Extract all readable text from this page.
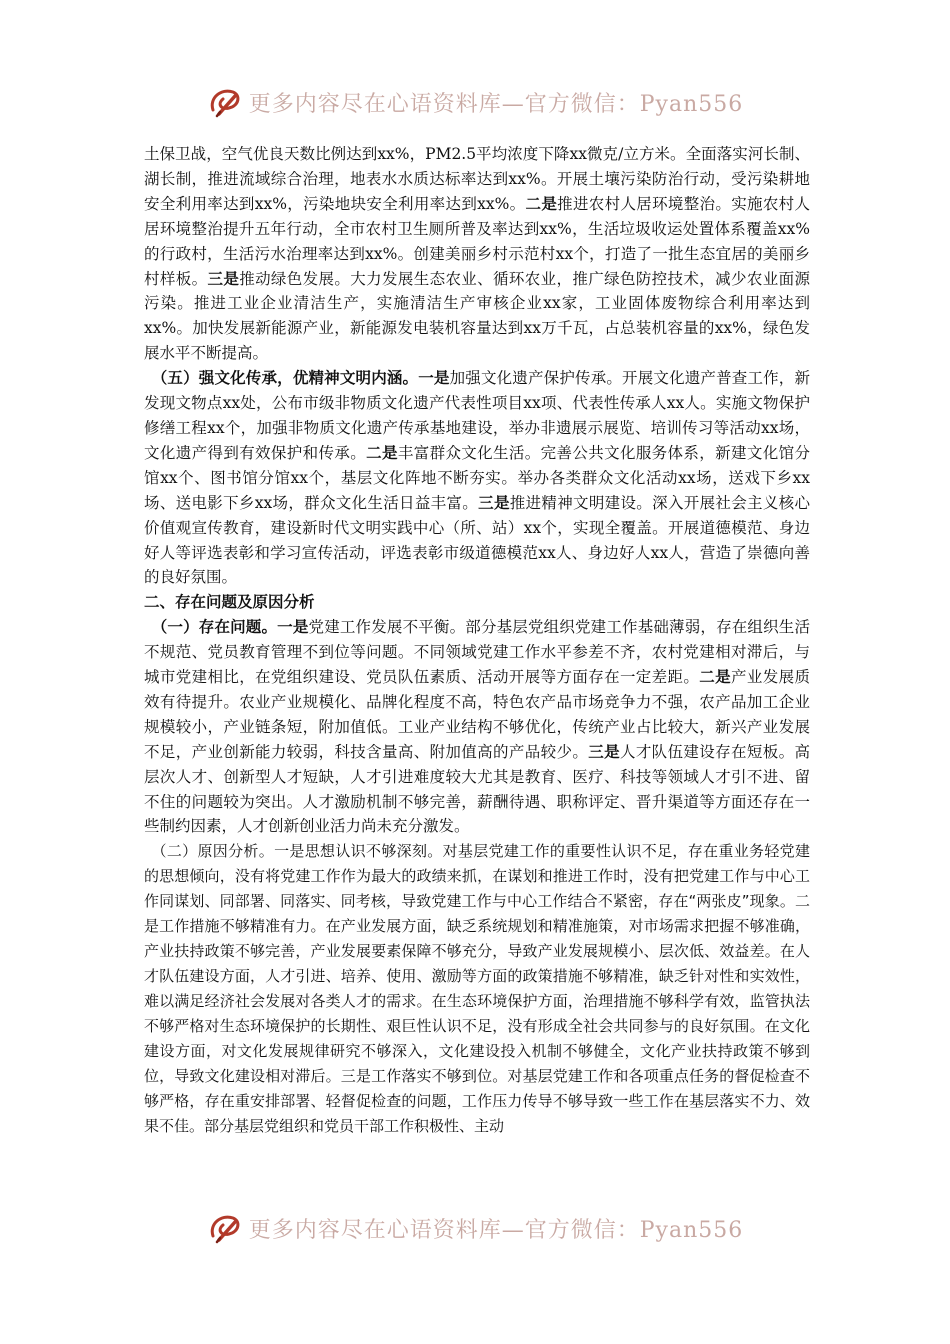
更多内容尽在心语资料库—官方微信：Pyan556

土保卫战，空气优良天数比例达到xx%，PM2.5平均浓度下降xx微克/立方米。全面落实河长制、湖长制，推进流域综合治理，地表水水质达标率达到xx%。开展土壤污染防治行动，受污染耕地安全利用率达到xx%，污染地块安全利用率达到xx%。二是推进农村人居环境整治。实施农村人居环境整治提升五年行动，全市农村卫生厕所普及率达到xx%，生活垃圾收运处置体系覆盖xx%的行政村，生活污水治理率达到xx%。创建美丽乡村示范村xx个，打造了一批生态宜居的美丽乡村样板。三是推动绿色发展。大力发展生态农业、循环农业，推广绿色防控技术，减少农业面源污染。推进工业企业清洁生产，实施清洁生产审核企业xx家，工业固体废物综合利用率达到xx%。加快发展新能源产业，新能源发电装机容量达到xx万千瓦，占总装机容量的xx%，绿色发展水平不断提高。

（五）强文化传承，优精神文明内涵。一是加强文化遗产保护传承。开展文化遗产普查工作，新发现文物点xx处，公布市级非物质文化遗产代表性项目xx项、代表性传承人xx人。实施文物保护修缮工程xx个，加强非物质文化遗产传承基地建设，举办非遗展示展览、培训传习等活动xx场，文化遗产得到有效保护和传承。二是丰富群众文化生活。完善公共文化服务体系，新建文化馆分馆xx个、图书馆分馆xx个，基层文化阵地不断夯实。举办各类群众文化活动xx场，送戏下乡xx场、送电影下乡xx场，群众文化生活日益丰富。三是推进精神文明建设。深入开展社会主义核心价值观宣传教育，建设新时代文明实践中心（所、站）xx个，实现全覆盖。开展道德模范、身边好人等评选表彰和学习宣传活动，评选表彰市级道德模范xx人、身边好人xx人，营造了崇德向善的良好氛围。

二、存在问题及原因分析

（一）存在问题。一是党建工作发展不平衡。部分基层党组织党建工作基础薄弱，存在组织生活不规范、党员教育管理不到位等问题。不同领域党建工作水平参差不齐，农村党建相对滞后，与城市党建相比，在党组织建设、党员队伍素质、活动开展等方面存在一定差距。二是产业发展质效有待提升。农业产业规模化、品牌化程度不高，特色农产品市场竞争力不强，农产品加工企业规模较小，产业链条短，附加值低。工业产业结构不够优化，传统产业占比较大，新兴产业发展不足，产业创新能力较弱，科技含量高、附加值高的产品较少。三是人才队伍建设存在短板。高层次人才、创新型人才短缺，人才引进难度较大尤其是教育、医疗、科技等领域人才引不进、留不住的问题较为突出。人才激励机制不够完善，薪酬待遇、职称评定、晋升渠道等方面还存在一些制约因素，人才创新创业活力尚未充分激发。

（二）原因分析。一是思想认识不够深刻。对基层党建工作的重要性认识不足，存在重业务轻党建的思想倾向，没有将党建工作作为最大的政绩来抓，在谋划和推进工作时，没有把党建工作与中心工作同谋划、同部署、同落实、同考核，导致党建工作与中心工作结合不紧密，存在“两张皮”现象。二是工作措施不够精准有力。在产业发展方面，缺乏系统规划和精准施策，对市场需求把握不够准确，产业扶持政策不够完善，产业发展要素保障不够充分，导致产业发展规模小、层次低、效益差。在人才队伍建设方面，人才引进、培养、使用、激励等方面的政策措施不够精准，缺乏针对性和实效性，难以满足经济社会发展对各类人才的需求。在生态环境保护方面，治理措施不够科学有效，监管执法不够严格对生态环境保护的长期性、艰巨性认识不足，没有形成全社会共同参与的良好氛围。在文化建设方面，对文化发展规律研究不够深入，文化建设投入机制不够健全，文化产业扶持政策不够到位，导致文化建设相对滞后。三是工作落实不够到位。对基层党建工作和各项重点任务的督促检查不够严格，存在重安排部署、轻督促检查的问题，工作压力传导不够导致一些工作在基层落实不力、效果不佳。部分基层党组织和党员干部工作积极性、主动

更多内容尽在心语资料库—官方微信：Pyan556
